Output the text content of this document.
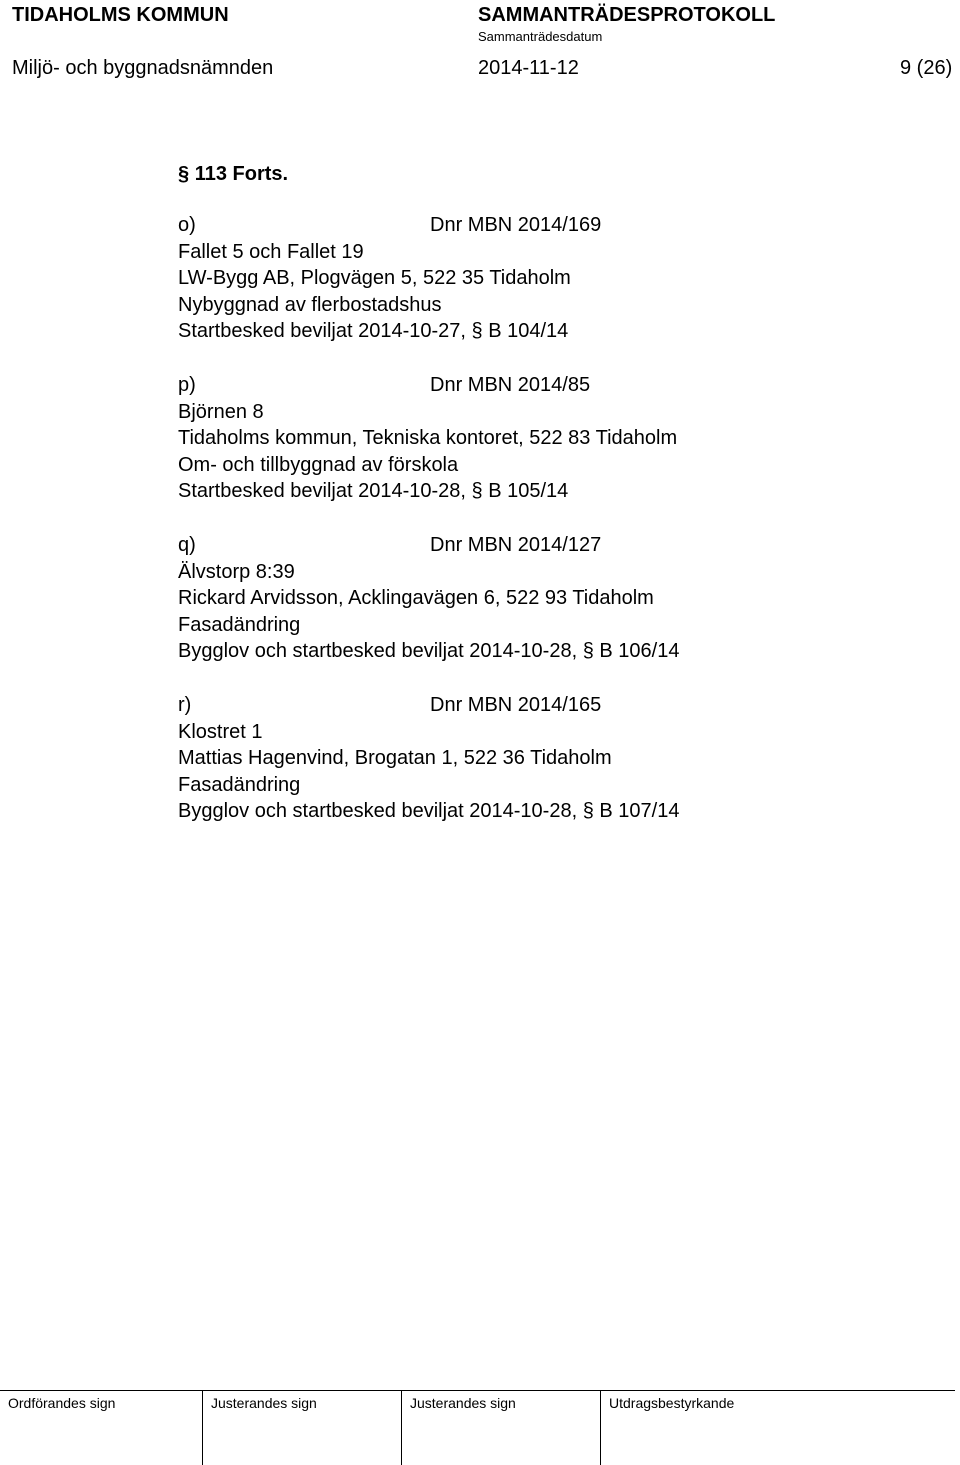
TIDAHOLMS KOMMUN	SAMMANTRÄDESPROTOKOLL
Sammanträdesdatum
Miljö- och byggnadsnämnden	2014-11-12	9 (26)
§ 113 Forts.
o)	Dnr MBN 2014/169
Fallet 5 och Fallet 19
LW-Bygg AB, Plogvägen 5, 522 35 Tidaholm
Nybyggnad av flerbostadshus
Startbesked beviljat 2014-10-27, § B 104/14
p)	Dnr MBN 2014/85
Björnen 8
Tidaholms kommun, Tekniska kontoret, 522 83 Tidaholm
Om- och tillbyggnad av förskola
Startbesked beviljat 2014-10-28, § B 105/14
q)	Dnr MBN 2014/127
Älvstorp 8:39
Rickard Arvidsson, Acklingavägen 6, 522 93 Tidaholm
Fasadändring
Bygglov och startbesked beviljat 2014-10-28, § B 106/14
r)	Dnr MBN 2014/165
Klostret 1
Mattias Hagenvind, Brogatan 1, 522 36 Tidaholm
Fasadändring
Bygglov och startbesked beviljat 2014-10-28, § B 107/14
Ordförandes sign	Justerandes sign	Justerandes sign	Utdragsbestyrkande
